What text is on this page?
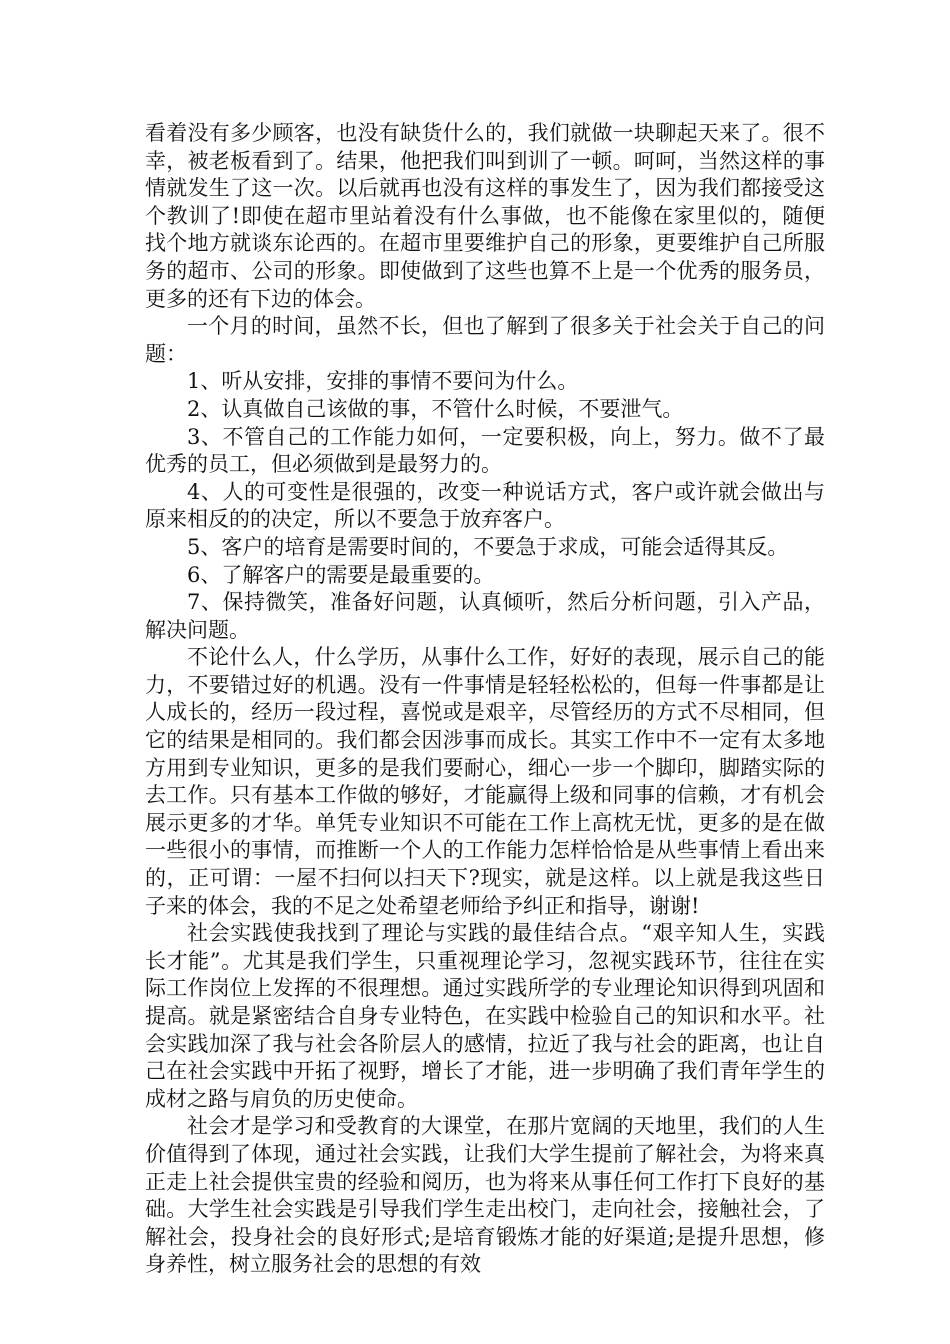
看着没有多少顾客，也没有缺货什么的，我们就做一块聊起天来了。很不幸，被老板看到了。结果，他把我们叫到训了一顿。呵呵，当然这样的事情就发生了这一次。以后就再也没有这样的事发生了，因为我们都接受这个教训了!即使在超市里站着没有什么事做，也不能像在家里似的，随便找个地方就谈东论西的。在超市里要维护自己的形象，更要维护自己所服务的超市、公司的形象。即使做到了这些也算不上是一个优秀的服务员，更多的还有下边的体会。

一个月的时间，虽然不长，但也了解到了很多关于社会关于自己的问题：

1、听从安排，安排的事情不要问为什么。

2、认真做自己该做的事，不管什么时候，不要泄气。

3、不管自己的工作能力如何，一定要积极，向上，努力。做不了最优秀的员工，但必须做到是最努力的。

4、人的可变性是很强的，改变一种说话方式，客户或许就会做出与原来相反的的决定，所以不要急于放弃客户。

5、客户的培育是需要时间的，不要急于求成，可能会适得其反。

6、了解客户的需要是最重要的。

7、保持微笑，准备好问题，认真倾听，然后分析问题，引入产品，解决问题。

不论什么人，什么学历，从事什么工作，好好的表现，展示自己的能力，不要错过好的机遇。没有一件事情是轻轻松松的，但每一件事都是让人成长的，经历一段过程，喜悦或是艰辛，尽管经历的方式不尽相同，但它的结果是相同的。我们都会因涉事而成长。其实工作中不一定有太多地方用到专业知识，更多的是我们要耐心，细心一步一个脚印，脚踏实际的去工作。只有基本工作做的够好，才能赢得上级和同事的信赖，才有机会展示更多的才华。单凭专业知识不可能在工作上高枕无忧，更多的是在做一些很小的事情，而推断一个人的工作能力怎样恰恰是从些事情上看出来的，正可谓：一屋不扫何以扫天下?现实，就是这样。以上就是我这些日子来的体会，我的不足之处希望老师给予纠正和指导，谢谢!

社会实践使我找到了理论与实践的最佳结合点。“艰辛知人生，实践长才能”。尤其是我们学生，只重视理论学习，忽视实践环节，往往在实际工作岗位上发挥的不很理想。通过实践所学的专业理论知识得到巩固和提高。就是紧密结合自身专业特色，在实践中检验自己的知识和水平。社会实践加深了我与社会各阶层人的感情，拉近了我与社会的距离，也让自己在社会实践中开拓了视野，增长了才能，进一步明确了我们青年学生的成材之路与肩负的历史使命。

社会才是学习和受教育的大课堂，在那片宽阔的天地里，我们的人生价值得到了体现，通过社会实践，让我们大学生提前了解社会，为将来真正走上社会提供宝贵的经验和阅历，也为将来从事任何工作打下良好的基础。大学生社会实践是引导我们学生走出校门，走向社会，接触社会，了解社会，投身社会的良好形式;是培育锻炼才能的好渠道;是提升思想，修身养性，树立服务社会的思想的有效
